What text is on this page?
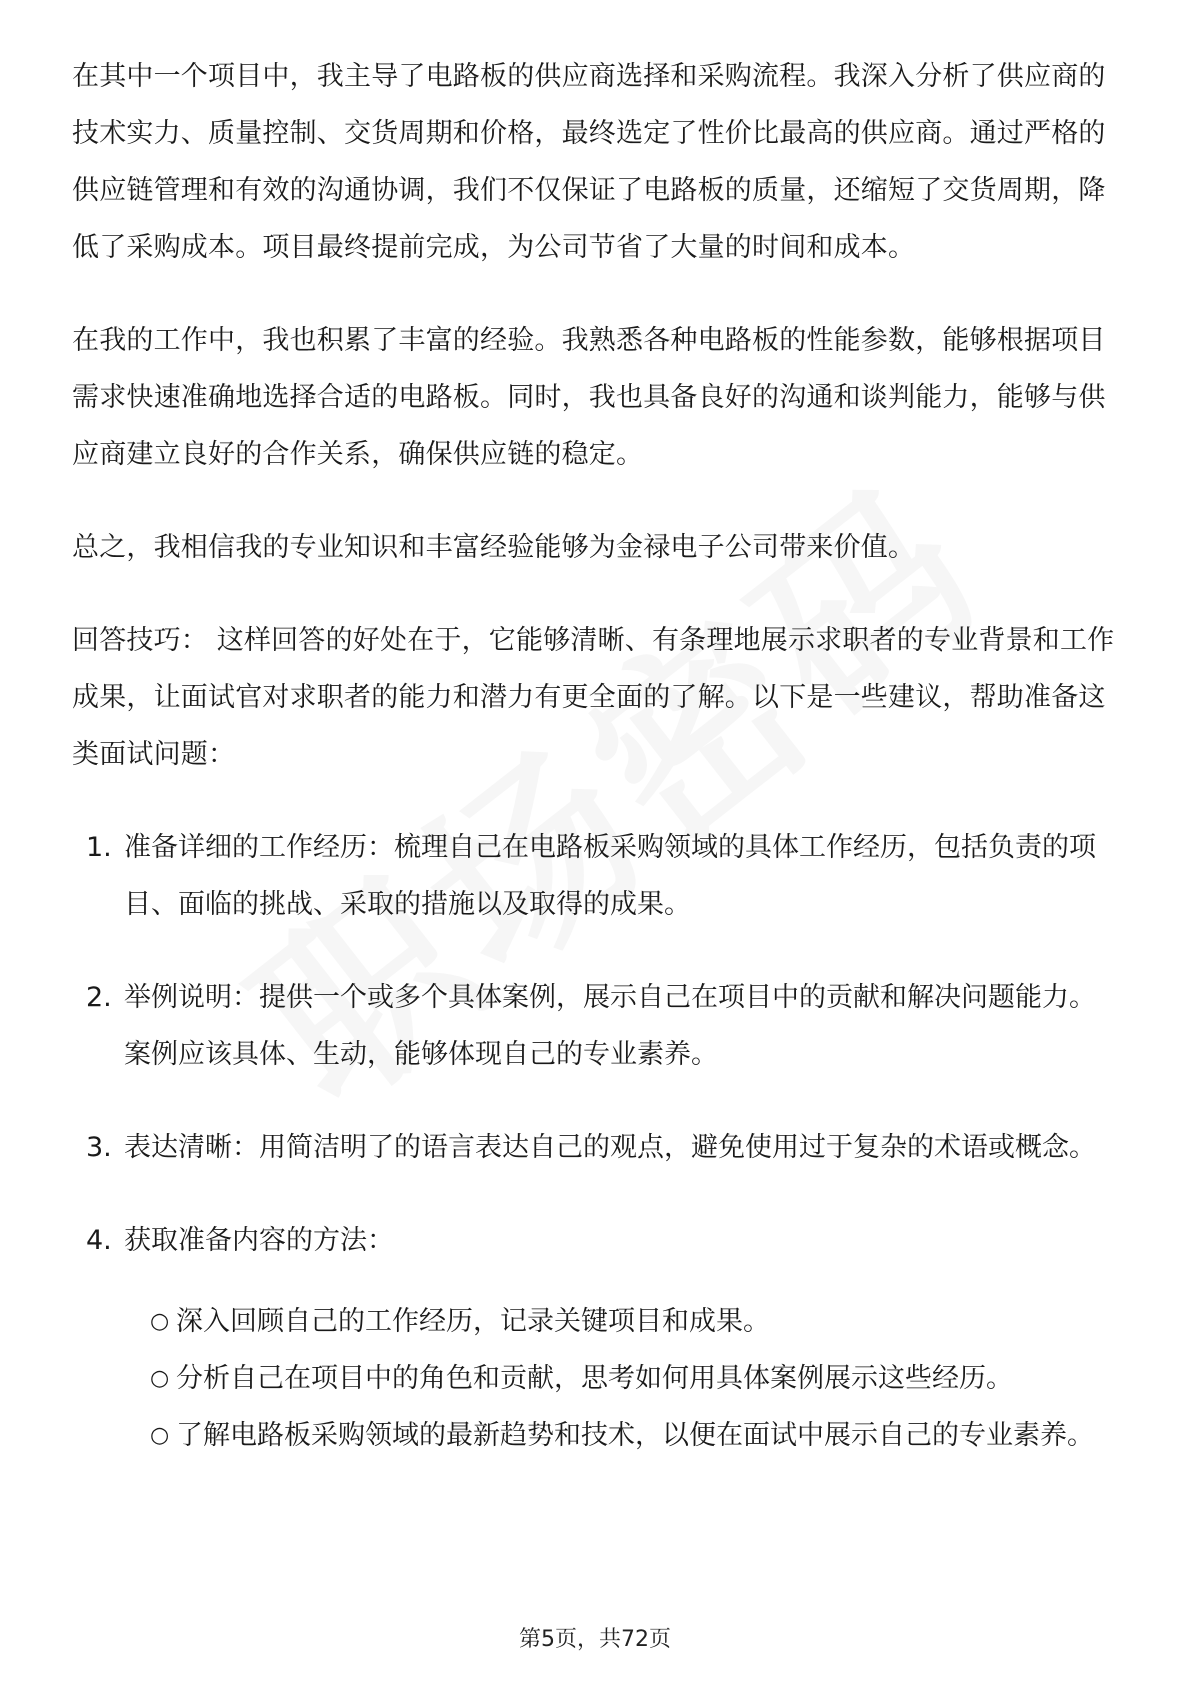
在其中一个项目中，我主导了电路板的供应商选择和采购流程。我深入分析了供应商的技术实力、质量控制、交货周期和价格，最终选定了性价比最高的供应商。通过严格的供应链管理和有效的沟通协调，我们不仅保证了电路板的质量，还缩短了交货周期，降低了采购成本。项目最终提前完成，为公司节省了大量的时间和成本。

在我的工作中，我也积累了丰富的经验。我熟悉各种电路板的性能参数，能够根据项目需求快速准确地选择合适的电路板。同时，我也具备良好的沟通和谈判能力，能够与供应商建立良好的合作关系，确保供应链的稳定。

总之，我相信我的专业知识和丰富经验能够为金禄电子公司带来价值。

回答技巧： 这样回答的好处在于，它能够清晰、有条理地展示求职者的专业背景和工作成果，让面试官对求职者的能力和潜力有更全面的了解。以下是一些建议，帮助准备这类面试问题：

1. 准备详细的工作经历：梳理自己在电路板采购领域的具体工作经历，包括负责的项目、面临的挑战、采取的措施以及取得的成果。
2. 举例说明：提供一个或多个具体案例，展示自己在项目中的贡献和解决问题能力。案例应该具体、生动，能够体现自己的专业素养。
3. 表达清晰：用简洁明了的语言表达自己的观点，避免使用过于复杂的术语或概念。
4. 获取准备内容的方法：
○ 深入回顾自己的工作经历，记录关键项目和成果。
○ 分析自己在项目中的角色和贡献，思考如何用具体案例展示这些经历。
○ 了解电路板采购领域的最新趋势和技术，以便在面试中展示自己的专业素养。
第5页，共72页
